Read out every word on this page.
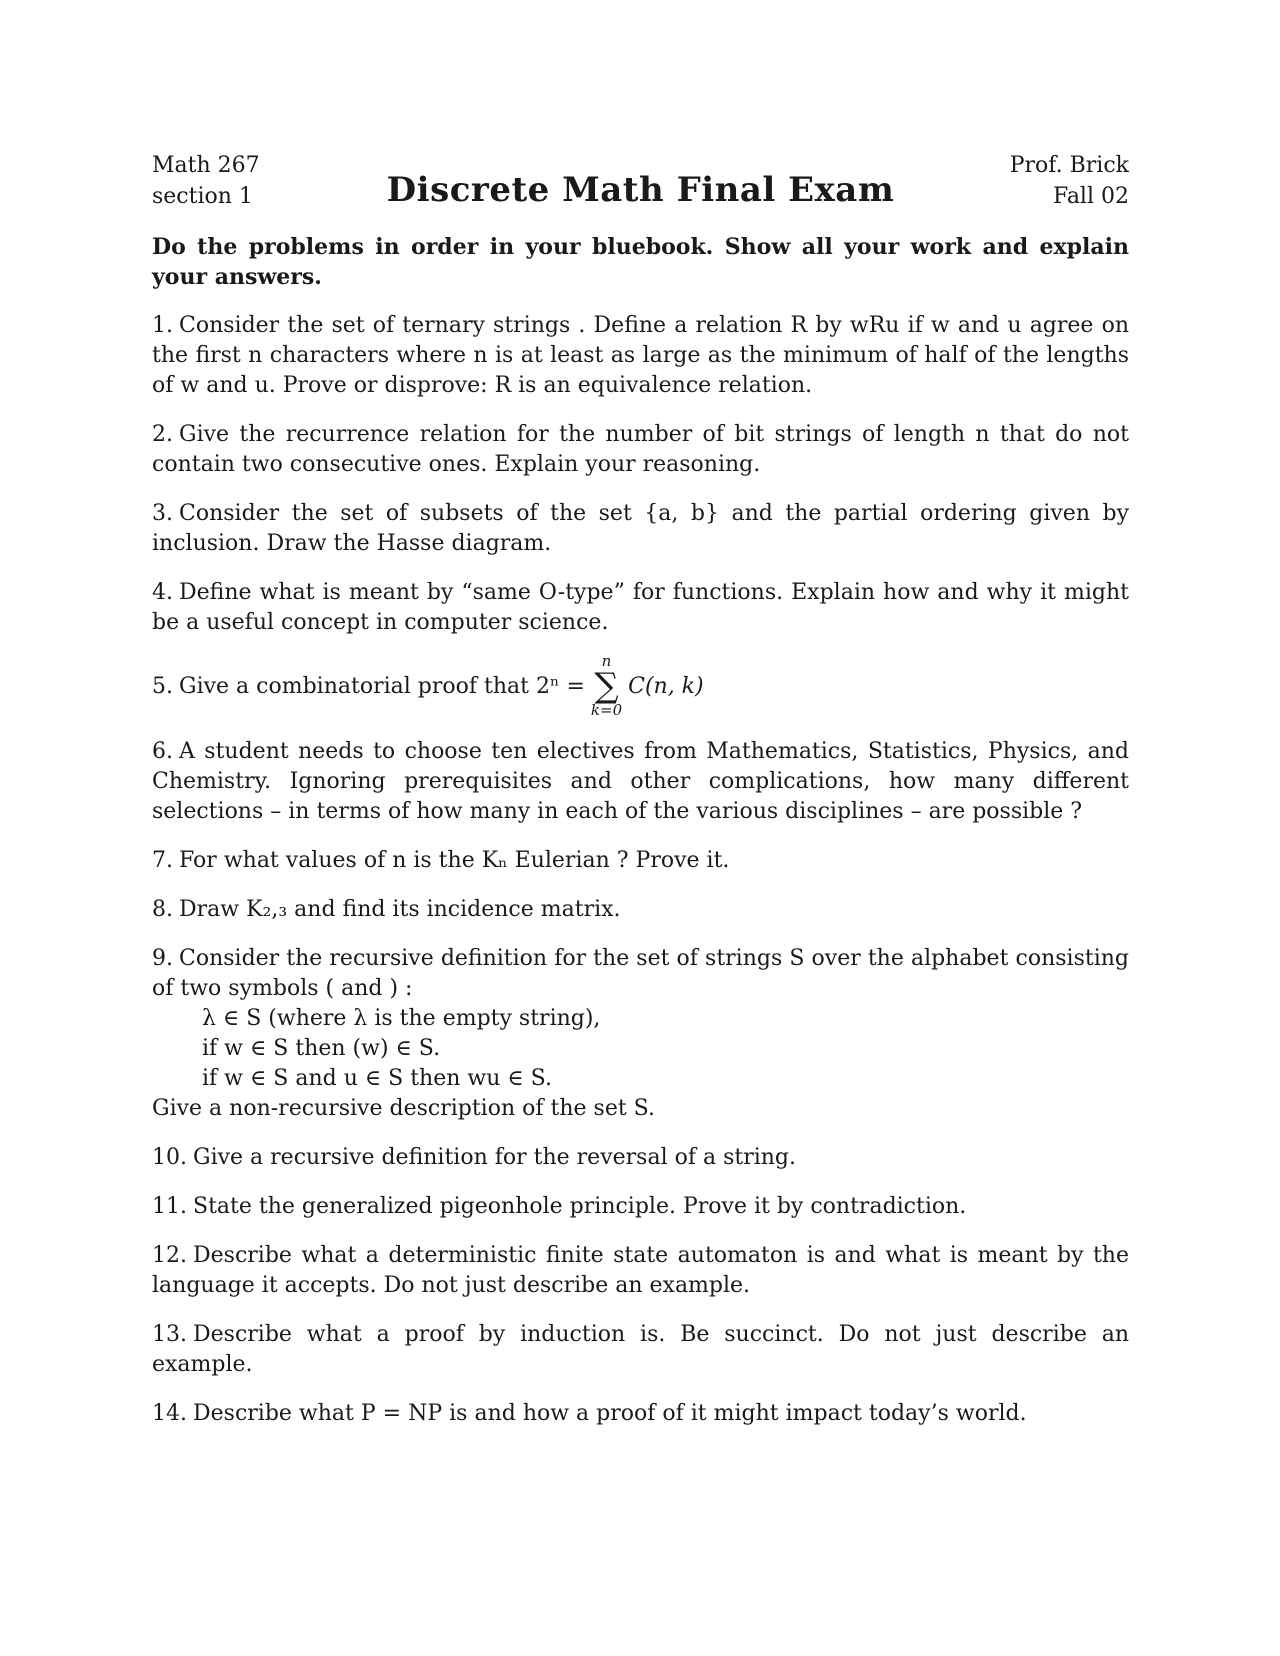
Math 267
section 1	Discrete Math Final Exam
Prof. Brick
Fall 02
Do the problems in order in your bluebook. Show all your work and explain your answers.
1. Consider the set of ternary strings . Define a relation R by wRu if w and u agree on the first n characters where n is at least as large as the minimum of half of the lengths of w and u. Prove or disprove: R is an equivalence relation.
2. Give the recurrence relation for the number of bit strings of length n that do not contain two consecutive ones. Explain your reasoning.
3. Consider the set of subsets of the set {a, b} and the partial ordering given by inclusion. Draw the Hasse diagram.
4. Define what is meant by “same O-type” for functions. Explain how and why it might be a useful concept in computer science.
5. Give a combinatorial proof that 2ⁿ =
n
∑
k=0
C(n, k)
6. A student needs to choose ten electives from Mathematics, Statistics, Physics, and Chemistry. Ignoring prerequisites and other complications, how many different selections – in terms of how many in each of the various disciplines – are possible ?
7. For what values of n is the Kₙ Eulerian ? Prove it.
8. Draw K₂,₃ and find its incidence matrix.
9. Consider the recursive definition for the set of strings S over the alphabet consisting of two symbols ( and ) :
λ ∈ S (where λ is the empty string),
if w ∈ S then (w) ∈ S.
if w ∈ S and u ∈ S then wu ∈ S.
Give a non-recursive description of the set S.
10. Give a recursive definition for the reversal of a string.
11. State the generalized pigeonhole principle. Prove it by contradiction.
12. Describe what a deterministic finite state automaton is and what is meant by the language it accepts. Do not just describe an example.
13. Describe what a proof by induction is. Be succinct. Do not just describe an example.
14. Describe what P = NP is and how a proof of it might impact today’s world.
